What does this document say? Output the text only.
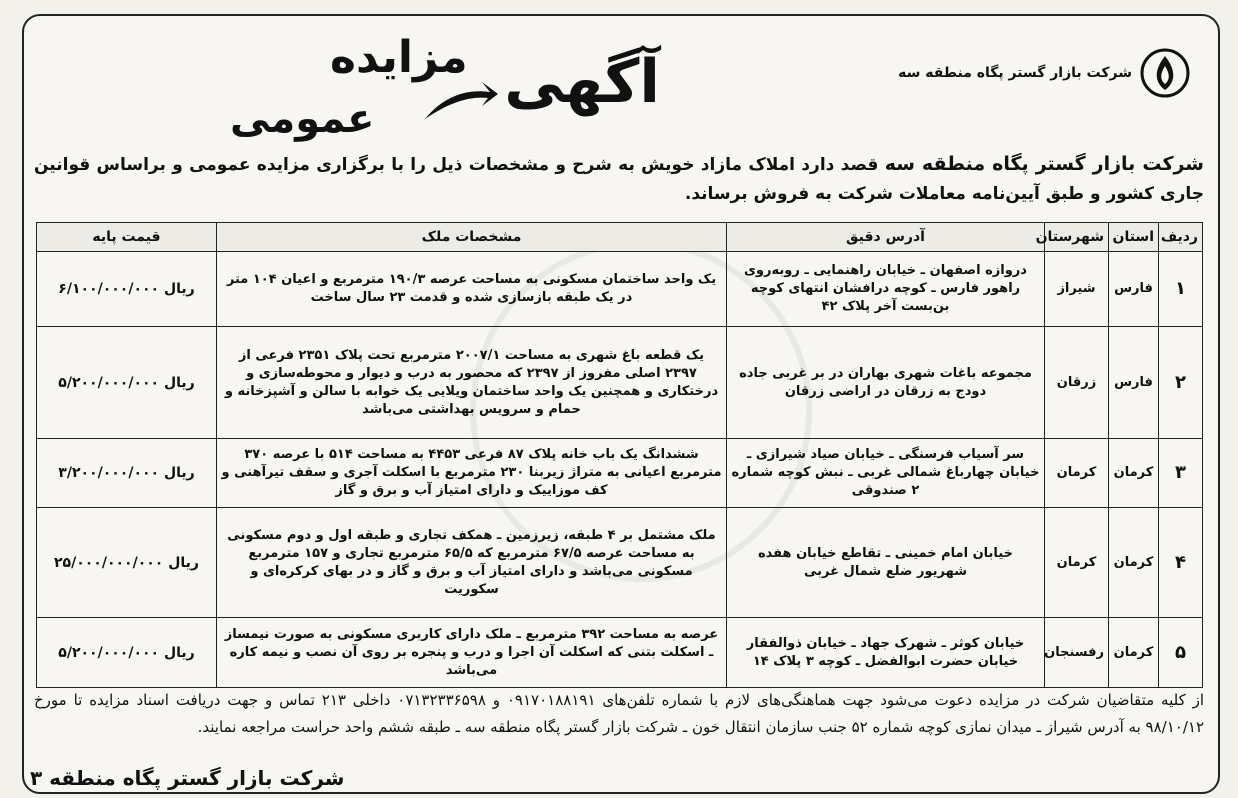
شرکت بازار گستر پگاه منطقه سه
مزایده آگهی
عمومی
شرکت بازار گستر پگاه منطقه سه قصد دارد املاک مازاد خویش به شرح و مشخصات ذیل را با برگزاری مزایده عمومی و براساس قوانین جاری کشور و طبق آیین‌نامه معاملات شرکت به فروش برساند.
ردیف	استان	شهرستان	آدرس دقیق	مشخصات ملک	قیمت پایه
۱	فارس	شیراز	دروازه اصفهان ـ خیابان راهنمایی ـ روبه‌روی راهور فارس ـ کوچه درافشان انتهای کوچه بن‌بست آخر پلاک ۴۲	یک واحد ساختمان مسکونی به مساحت عرصه ۱۹۰/۳ مترمربع و اعیان ۱۰۴ متر در یک طبقه بازسازی شده و قدمت ۲۳ سال ساخت	۶/۱۰۰/۰۰۰/۰۰۰ ریال
۲	فارس	زرقان	مجموعه باغات شهری بهاران در بر غربی جاده دودج به زرقان در اراضی زرقان	یک قطعه باغ شهری به مساحت ۲۰۰۷/۱ مترمربع تحت پلاک ۲۳۵۱ فرعی از ۲۳۹۷ اصلی مفروز از ۲۳۹۷ که محصور به درب و دیوار و محوطه‌سازی و درختکاری و همچنین یک واحد ساختمان ویلایی یک خوابه با سالن و آشپزخانه و حمام و سرویس بهداشتی می‌باشد	۵/۲۰۰/۰۰۰/۰۰۰ ریال
۳	کرمان	کرمان	سر آسیاب فرسنگی ـ خیابان صیاد شیرازی ـ خیابان چهارباغ شمالی غربی ـ نبش کوچه شماره ۲ صندوقی	ششدانگ یک باب خانه پلاک ۸۷ فرعی ۴۴۵۳ به مساحت ۵۱۴ با عرصه ۳۷۰ مترمربع اعیانی به متراژ زیربنا ۲۳۰ مترمربع با اسکلت آجری و سقف تیرآهنی و کف موزاییک و دارای امتیاز آب و برق و گاز	۳/۲۰۰/۰۰۰/۰۰۰ ریال
۴	کرمان	کرمان	خیابان امام خمینی ـ تقاطع خیابان هفده شهریور ضلع شمال غربی	ملک مشتمل بر ۴ طبقه، زیرزمین ـ همکف تجاری و طبقه اول و دوم مسکونی به مساحت عرصه ۶۷/۵ مترمربع که ۶۵/۵ مترمربع تجاری و ۱۵۷ مترمربع مسکونی می‌باشد و دارای امتیاز آب و برق و گاز و در بهای کرکره‌ای و سکوریت	۲۵/۰۰۰/۰۰۰/۰۰۰ ریال
۵	کرمان	رفسنجان	خیابان کوثر ـ شهرک جهاد ـ خیابان ذوالفقار خیابان حضرت ابوالفضل ـ کوچه ۳ پلاک ۱۴	عرصه به مساحت ۳۹۲ مترمربع ـ ملک دارای کاربری مسکونی به صورت نیمساز ـ اسکلت بتنی که اسکلت آن اجرا و درب و پنجره بر روی آن نصب و نیمه کاره می‌باشد	۵/۲۰۰/۰۰۰/۰۰۰ ریال
از کلیه متقاضیان شرکت در مزایده دعوت می‌شود جهت هماهنگی‌های لازم با شماره تلفن‌های ۰۹۱۷۰۱۸۸۱۹۱ و ۰۷۱۳۲۳۳۶۵۹۸ داخلی ۲۱۳ تماس و جهت دریافت اسناد مزایده تا مورخ ۹۸/۱۰/۱۲ به آدرس شیراز ـ میدان نمازی کوچه شماره ۵۲ جنب سازمان انتقال خون ـ شرکت بازار گستر پگاه منطقه سه ـ طبقه ششم واحد حراست مراجعه نمایند.
شرکت بازار گستر پگاه منطقه ۳
